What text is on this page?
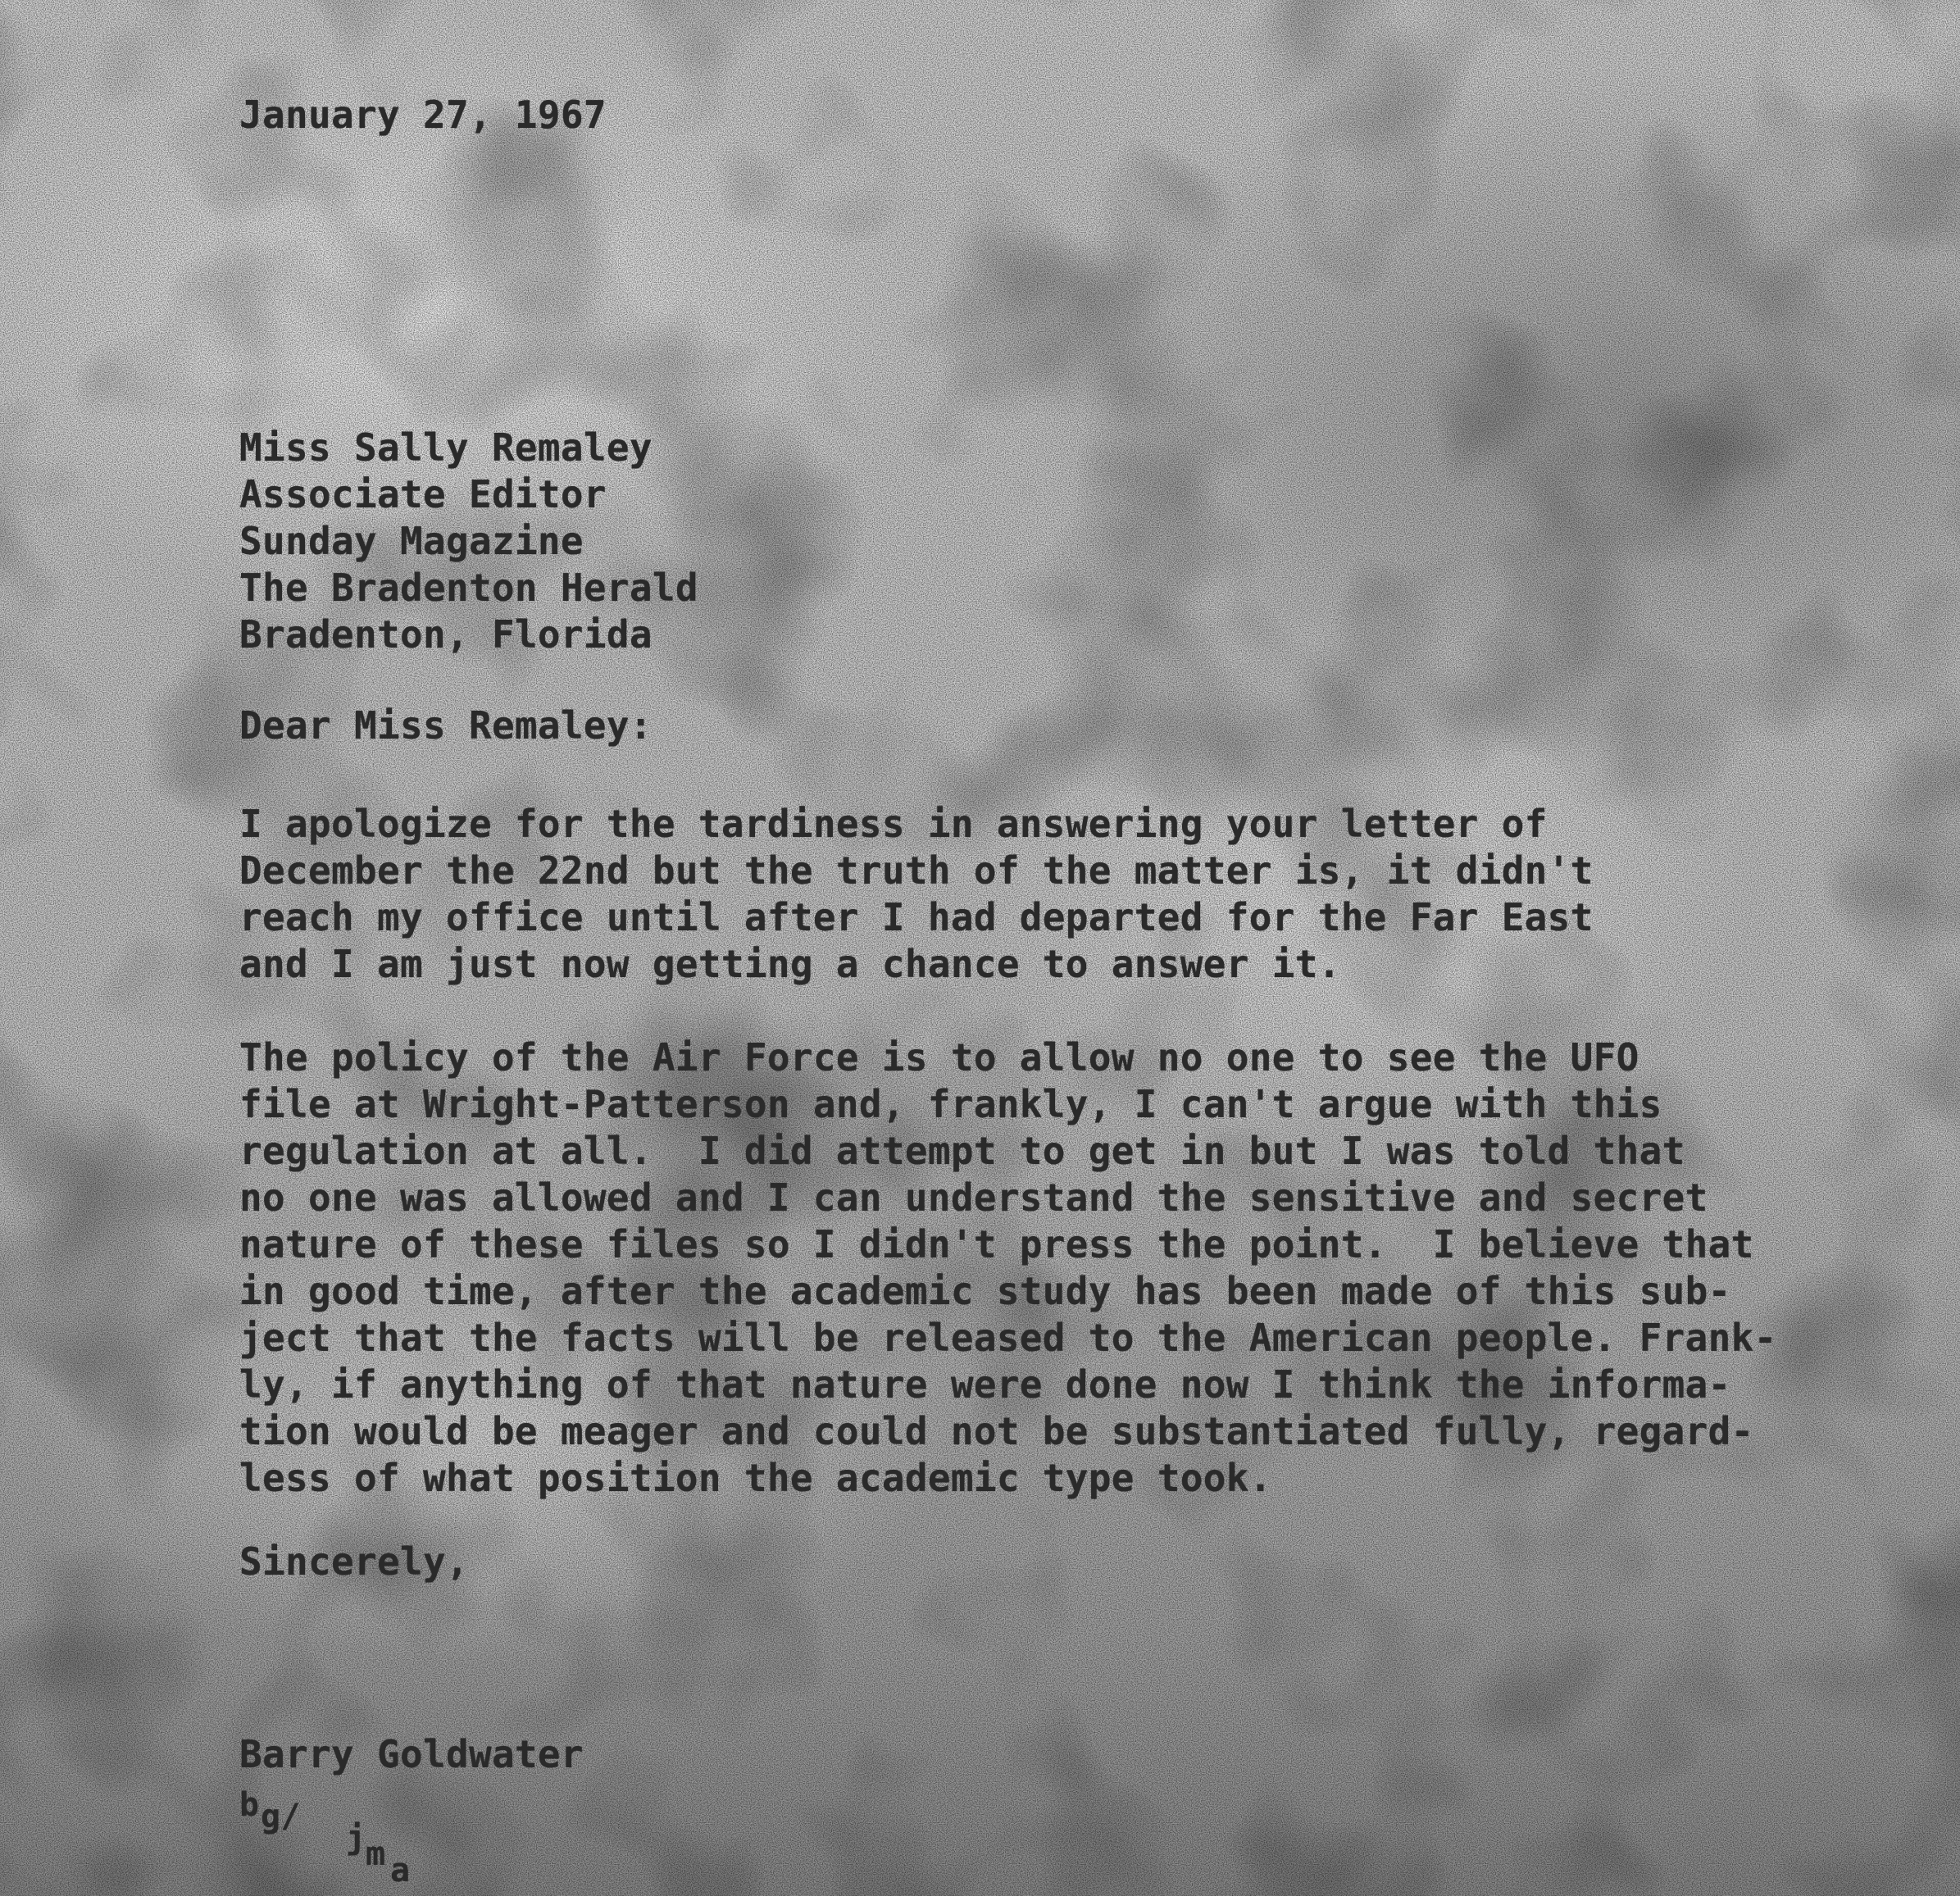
January 27, 1967
Miss Sally Remaley
Associate Editor
Sunday Magazine
The Bradenton Herald
Bradenton, Florida
Dear Miss Remaley:
I apologize for the tardiness in answering your letter of
December the 22nd but the truth of the matter is, it didn't
reach my office until after I had departed for the Far East
and I am just now getting a chance to answer it.
The policy of the Air Force is to allow no one to see the UFO
file at Wright-Patterson and, frankly, I can't argue with this
regulation at all.  I did attempt to get in but I was told that
no one was allowed and I can understand the sensitive and secret
nature of these files so I didn't press the point.  I believe that
in good time, after the academic study has been made of this sub-
ject that the facts will be released to the American people. Frank-
ly, if anything of that nature were done now I think the informa-
tion would be meager and could not be substantiated fully, regard-
less of what position the academic type took.
Sincerely,
Barry Goldwater
b g/
j m a
